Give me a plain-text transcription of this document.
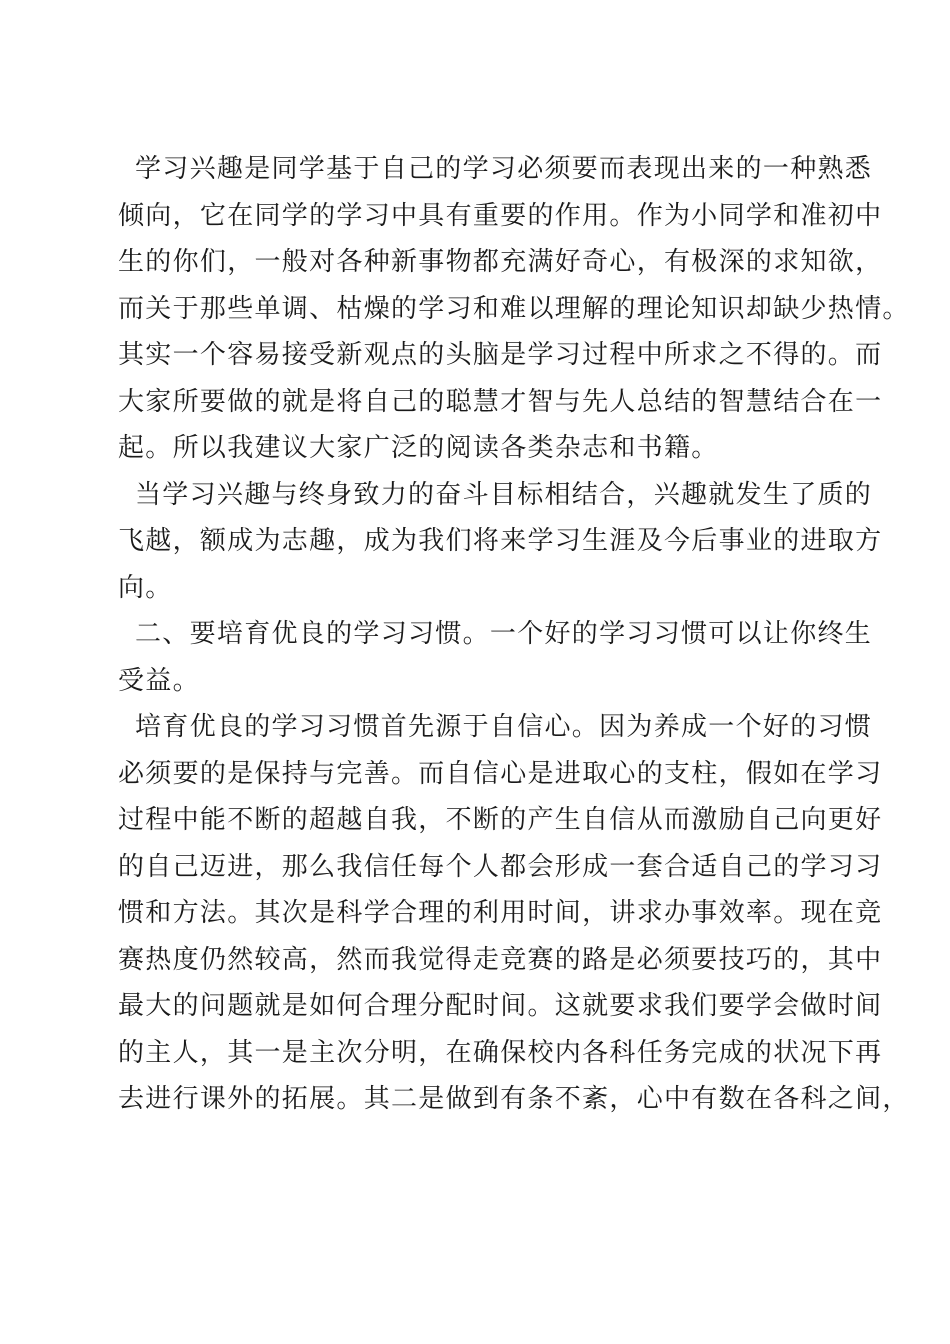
学习兴趣是同学基于自己的学习必须要而表现出来的一种熟悉
倾向，它在同学的学习中具有重要的作用。作为小同学和准初中
生的你们，一般对各种新事物都充满好奇心，有极深的求知欲，
而关于那些单调、枯燥的学习和难以理解的理论知识却缺少热情。
其实一个容易接受新观点的头脑是学习过程中所求之不得的。而
大家所要做的就是将自己的聪慧才智与先人总结的智慧结合在一
起。所以我建议大家广泛的阅读各类杂志和书籍。
当学习兴趣与终身致力的奋斗目标相结合，兴趣就发生了质的
飞越，额成为志趣，成为我们将来学习生涯及今后事业的进取方
向。
二、要培育优良的学习习惯。一个好的学习习惯可以让你终生
受益。
培育优良的学习习惯首先源于自信心。因为养成一个好的习惯
必须要的是保持与完善。而自信心是进取心的支柱，假如在学习
过程中能不断的超越自我，不断的产生自信从而激励自己向更好
的自己迈进，那么我信任每个人都会形成一套合适自己的学习习
惯和方法。其次是科学合理的利用时间，讲求办事效率。现在竞
赛热度仍然较高，然而我觉得走竞赛的路是必须要技巧的，其中
最大的问题就是如何合理分配时间。这就要求我们要学会做时间
的主人，其一是主次分明，在确保校内各科任务完成的状况下再
去进行课外的拓展。其二是做到有条不紊，心中有数在各科之间，
